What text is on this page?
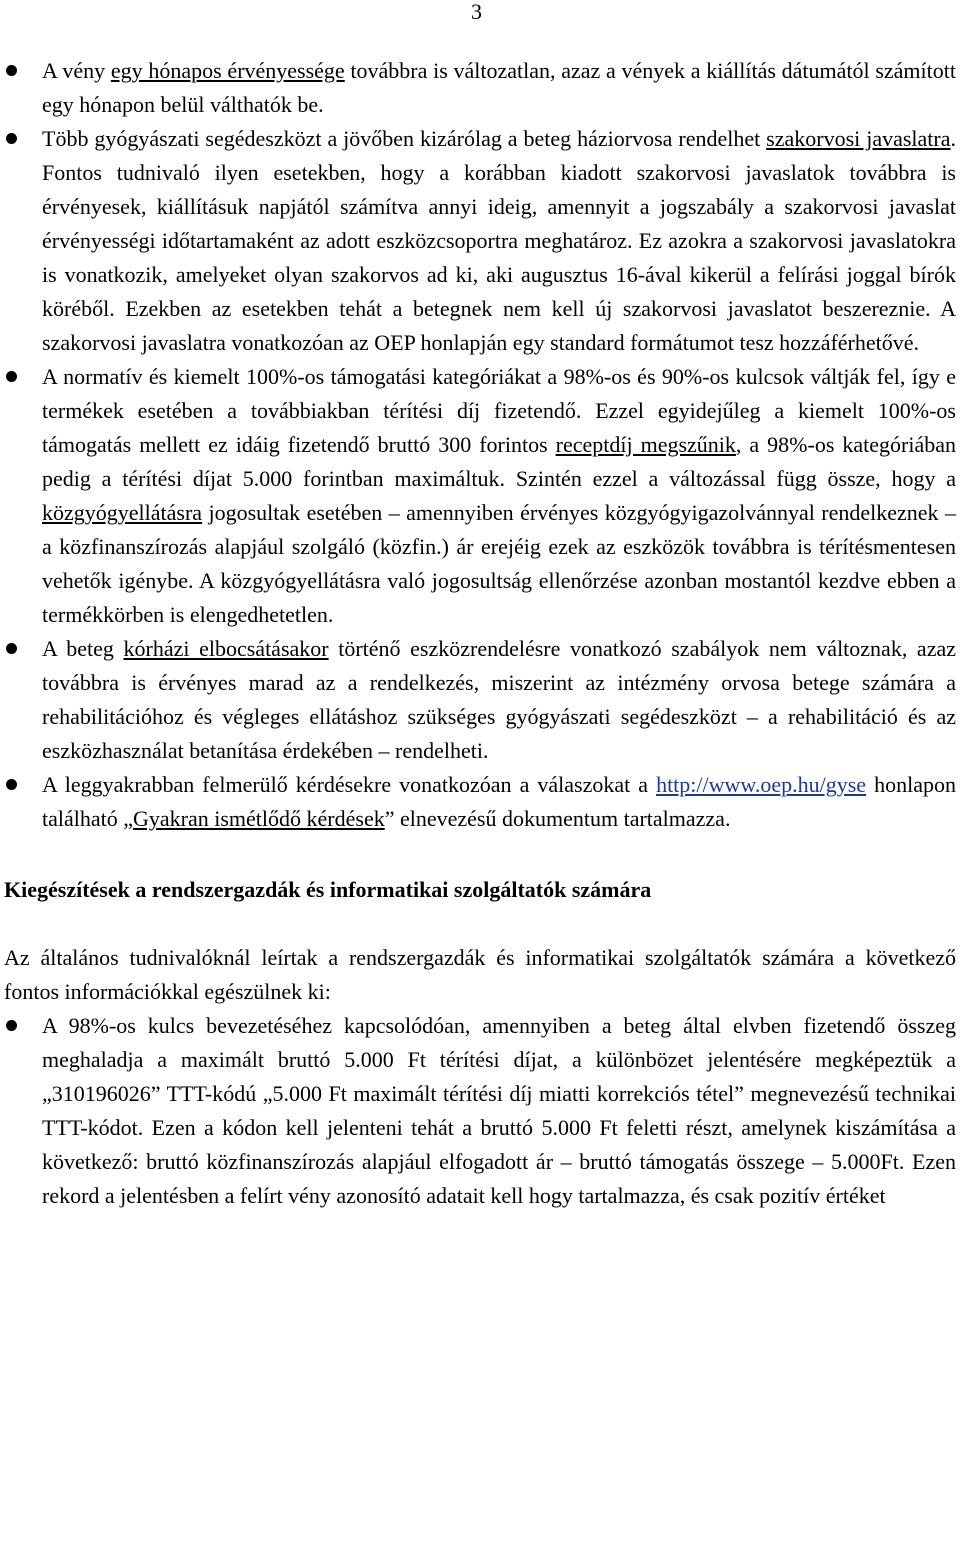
3
A vény egy hónapos érvényessége továbbra is változatlan, azaz a vények a kiállítás dátumától számított egy hónapon belül válthatók be.
Több gyógyászati segédeszközt a jövőben kizárólag a beteg háziorvosa rendelhet szakorvosi javaslatra. Fontos tudnivaló ilyen esetekben, hogy a korábban kiadott szakorvosi javaslatok továbbra is érvényesek, kiállításuk napjától számítva annyi ideig, amennyit a jogszabály a szakorvosi javaslat érvényességi időtartamaként az adott eszközcsoportra meghatároz. Ez azokra a szakorvosi javaslatokra is vonatkozik, amelyeket olyan szakorvos ad ki, aki augusztus 16-ával kikerül a felírási joggal bírók köréből. Ezekben az esetekben tehát a betegnek nem kell új szakorvosi javaslatot beszereznie. A szakorvosi javaslatra vonatkozóan az OEP honlapján egy standard formátumot tesz hozzáférhetővé.
A normatív és kiemelt 100%-os támogatási kategóriákat a 98%-os és 90%-os kulcsok váltják fel, így e termékek esetében a továbbiakban térítési díj fizetendő. Ezzel egyidejűleg a kiemelt 100%-os támogatás mellett ez idáig fizetendő bruttó 300 forintos receptdíj megszűnik, a 98%-os kategóriában pedig a térítési díjat 5.000 forintban maximáltuk. Szintén ezzel a változással függ össze, hogy a közgyógyellátásra jogosultak esetében – amennyiben érvényes közgyógyigazolvánnyal rendelkeznek – a közfinanszírozás alapjául szolgáló (közfin.) ár erejéig ezek az eszközök továbbra is térítésmentesen vehetők igénybe. A közgyógyellátásra való jogosultság ellenőrzése azonban mostantól kezdve ebben a termékkörben is elengedhetetlen.
A beteg kórházi elbocsátásakor történő eszközrendelésre vonatkozó szabályok nem változnak, azaz továbbra is érvényes marad az a rendelkezés, miszerint az intézmény orvosa betege számára a rehabilitációhoz és végleges ellátáshoz szükséges gyógyászati segédeszközt – a rehabilitáció és az eszközhasználat betanítása érdekében – rendelheti.
A leggyakrabban felmerülő kérdésekre vonatkozóan a válaszokat a http://www.oep.hu/gyse honlapon található „Gyakran ismétlődő kérdések” elnevezésű dokumentum tartalmazza.
Kiegészítések a rendszergazdák és informatikai szolgáltatók számára
Az általános tudnivalóknál leírtak a rendszergazdák és informatikai szolgáltatók számára a következő fontos információkkal egészülnek ki:
A 98%-os kulcs bevezetéséhez kapcsolódóan, amennyiben a beteg által elvben fizetendő összeg meghaladja a maximált bruttó 5.000 Ft térítési díjat, a különbözet jelentésére megképeztük a „310196026” TTT-kódú „5.000 Ft maximált térítési díj miatti korrekciós tétel” megnevezésű technikai TTT-kódot. Ezen a kódon kell jelenteni tehát a bruttó 5.000 Ft feletti részt, amelynek kiszámítása a következő: bruttó közfinanszírozás alapjául elfogadott ár – bruttó támogatás összege – 5.000Ft. Ezen rekord a jelentésben a felírt vény azonosító adatait kell hogy tartalmazza, és csak pozitív értéket
